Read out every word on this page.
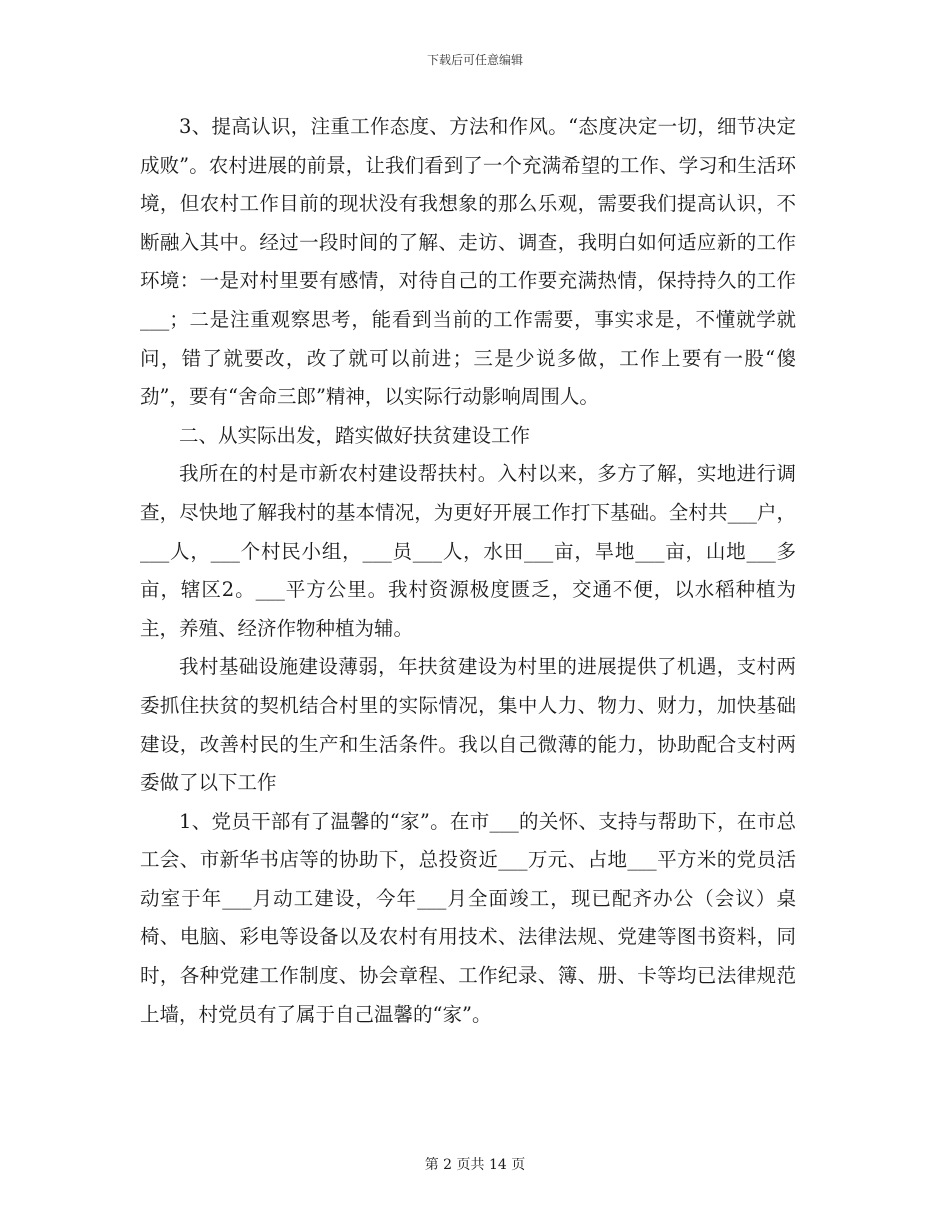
下载后可任意编辑

3、提高认识，注重工作态度、方法和作风。“态度决定一切，细节决定成败”。农村进展的前景，让我们看到了一个充满希望的工作、学习和生活环境，但农村工作目前的现状没有我想象的那么乐观，需要我们提高认识，不断融入其中。经过一段时间的了解、走访、调查，我明白如何适应新的工作环境：一是对村里要有感情，对待自己的工作要充满热情，保持持久的工作___；二是注重观察思考，能看到当前的工作需要，事实求是，不懂就学就问，错了就要改，改了就可以前进；三是少说多做，工作上要有一股“傻劲”，要有“舍命三郎”精神，以实际行动影响周围人。

二、从实际出发，踏实做好扶贫建设工作

我所在的村是市新农村建设帮扶村。入村以来，多方了解，实地进行调查，尽快地了解我村的基本情况，为更好开展工作打下基础。全村共___户，___人，___个村民小组，___员___人，水田___亩，旱地___亩，山地___多亩，辖区2。___平方公里。我村资源极度匮乏，交通不便，以水稻种植为主，养殖、经济作物种植为辅。

我村基础设施建设薄弱，年扶贫建设为村里的进展提供了机遇，支村两委抓住扶贫的契机结合村里的实际情况，集中人力、物力、财力，加快基础建设，改善村民的生产和生活条件。我以自己微薄的能力，协助配合支村两委做了以下工作

1、党员干部有了温馨的“家”。在市___的关怀、支持与帮助下，在市总工会、市新华书店等的协助下，总投资近___万元、占地___平方米的党员活动室于年___月动工建设，今年___月全面竣工，现已配齐办公（会议）桌椅、电脑、彩电等设备以及农村有用技术、法律法规、党建等图书资料，同时，各种党建工作制度、协会章程、工作纪录、簿、册、卡等均已法律规范上墙，村党员有了属于自己温馨的“家”。

第 2 页共 14 页
